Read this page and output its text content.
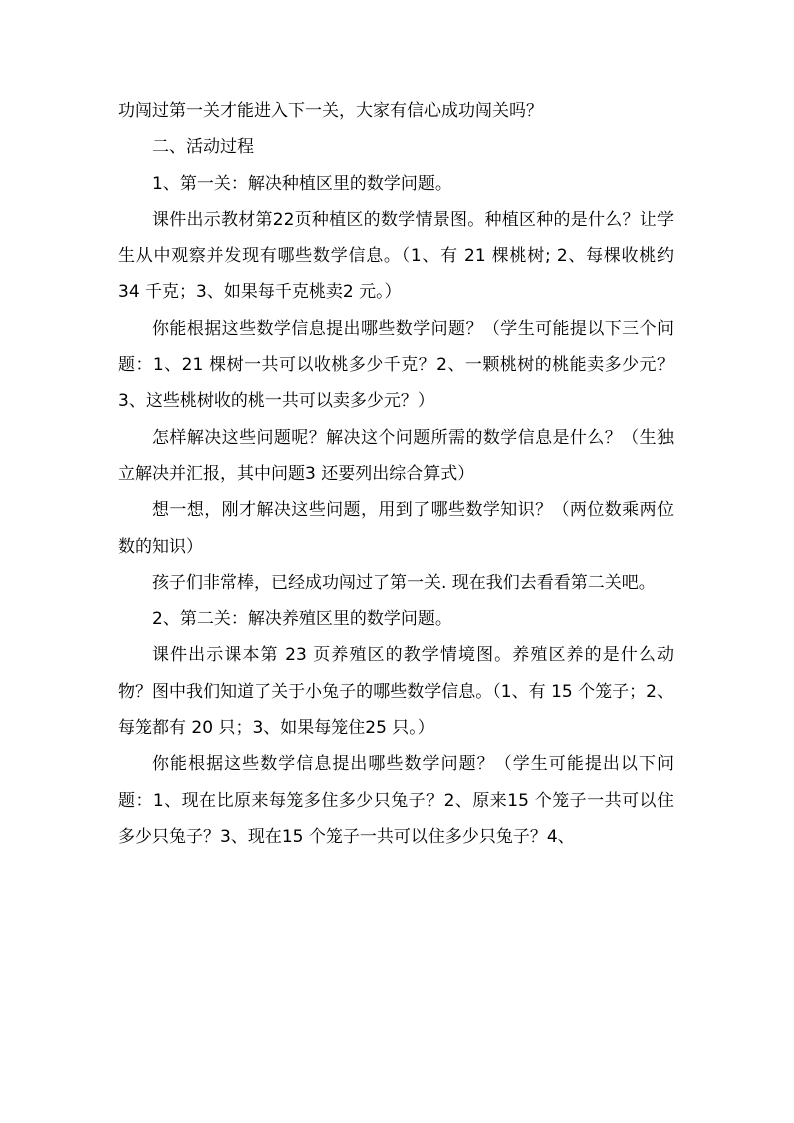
功闯过第一关才能进入下一关，大家有信心成功闯关吗？

二、活动过程

1、第一关：解决种植区里的数学问题。

课件出示教材第22页种植区的数学情景图。种植区种的是什么？让学生从中观察并发现有哪些数学信息。（1、有 21 棵桃树; 2、每棵收桃约 34 千克；3、如果每千克桃卖2 元。）

你能根据这些数学信息提出哪些数学问题？（学生可能提以下三个问题：1、21 棵树一共可以收桃多少千克？2、一颗桃树的桃能卖多少元？3、这些桃树收的桃一共可以卖多少元？）

怎样解决这些问题呢？解决这个问题所需的数学信息是什么？（生独立解决并汇报，其中问题3 还要列出综合算式）

想一想，刚才解决这些问题，用到了哪些数学知识？（两位数乘两位数的知识）

孩子们非常棒，已经成功闯过了第一关. 现在我们去看看第二关吧。

2、第二关：解决养殖区里的数学问题。

课件出示课本第 23 页养殖区的教学情境图。养殖区养的是什么动物？图中我们知道了关于小兔子的哪些数学信息。（1、有 15 个笼子；2、每笼都有 20 只；3、如果每笼住25 只。）

你能根据这些数学信息提出哪些数学问题？（学生可能提出以下问题：1、现在比原来每笼多住多少只兔子？2、原来15 个笼子一共可以住多少只兔子？3、现在15 个笼子一共可以住多少只兔子？4、
